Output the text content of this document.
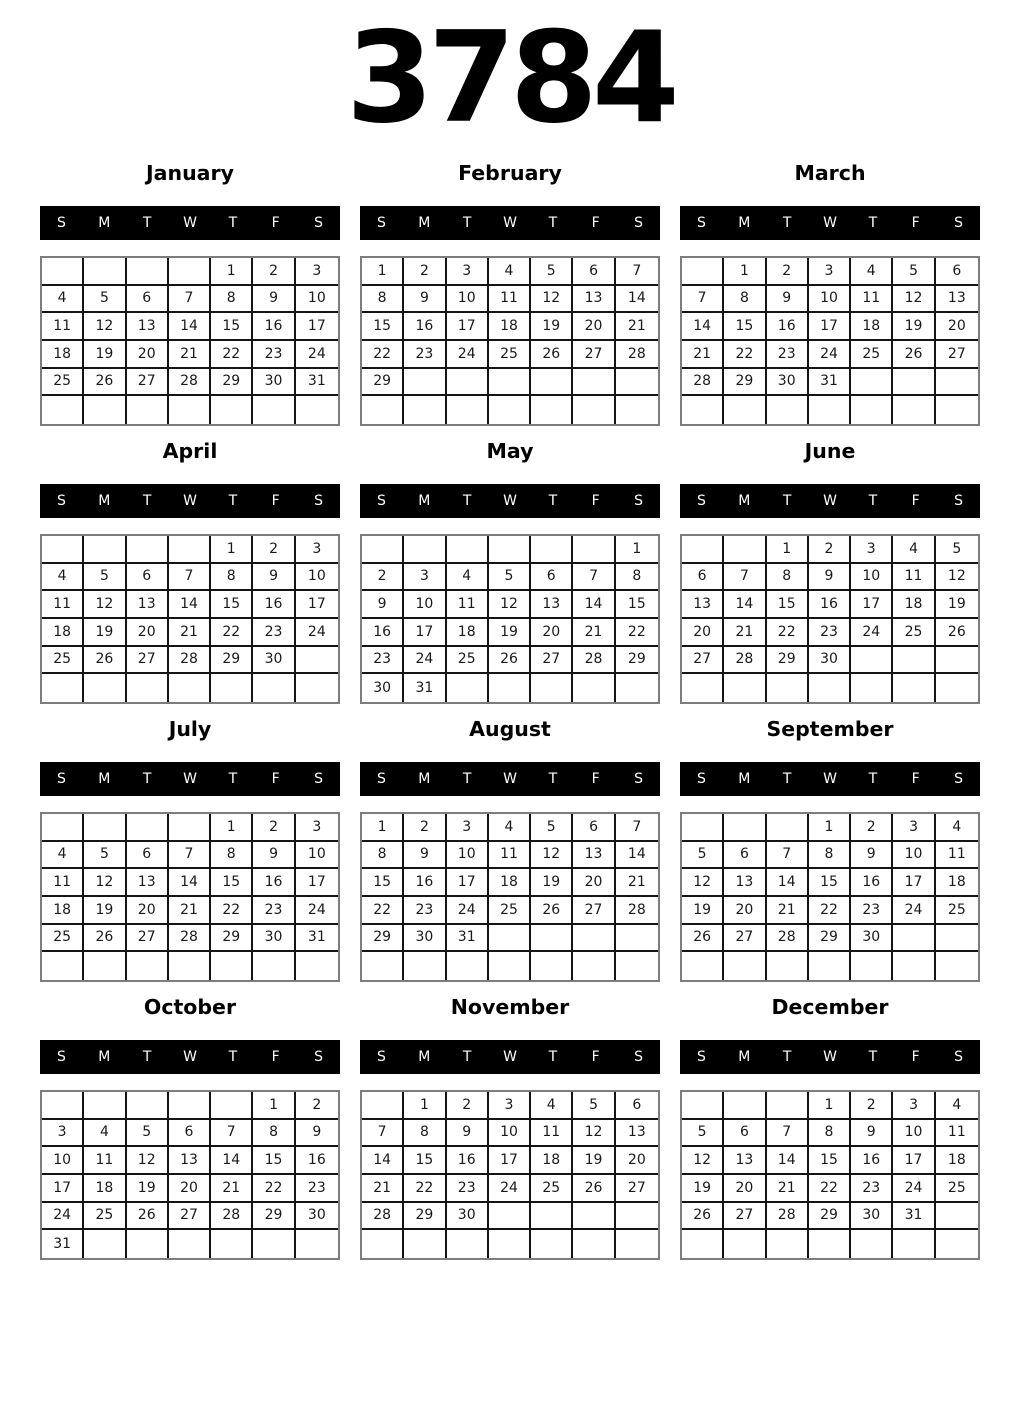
3784
January
S	M	T	W	T	F	S
				1	2	3
4	5	6	7	8	9	10
11	12	13	14	15	16	17
18	19	20	21	22	23	24
25	26	27	28	29	30	31

February
S	M	T	W	T	F	S
1	2	3	4	5	6	7
8	9	10	11	12	13	14
15	16	17	18	19	20	21
22	23	24	25	26	27	28
29						

March
S	M	T	W	T	F	S
	1	2	3	4	5	6
7	8	9	10	11	12	13
14	15	16	17	18	19	20
21	22	23	24	25	26	27
28	29	30	31			

April
S	M	T	W	T	F	S
				1	2	3
4	5	6	7	8	9	10
11	12	13	14	15	16	17
18	19	20	21	22	23	24
25	26	27	28	29	30	

May
S	M	T	W	T	F	S
						1
2	3	4	5	6	7	8
9	10	11	12	13	14	15
16	17	18	19	20	21	22
23	24	25	26	27	28	29
30	31					
June
S	M	T	W	T	F	S
		1	2	3	4	5
6	7	8	9	10	11	12
13	14	15	16	17	18	19
20	21	22	23	24	25	26
27	28	29	30			

July
S	M	T	W	T	F	S
				1	2	3
4	5	6	7	8	9	10
11	12	13	14	15	16	17
18	19	20	21	22	23	24
25	26	27	28	29	30	31

August
S	M	T	W	T	F	S
1	2	3	4	5	6	7
8	9	10	11	12	13	14
15	16	17	18	19	20	21
22	23	24	25	26	27	28
29	30	31				

September
S	M	T	W	T	F	S
			1	2	3	4
5	6	7	8	9	10	11
12	13	14	15	16	17	18
19	20	21	22	23	24	25
26	27	28	29	30		

October
S	M	T	W	T	F	S
					1	2
3	4	5	6	7	8	9
10	11	12	13	14	15	16
17	18	19	20	21	22	23
24	25	26	27	28	29	30
31						
November
S	M	T	W	T	F	S
	1	2	3	4	5	6
7	8	9	10	11	12	13
14	15	16	17	18	19	20
21	22	23	24	25	26	27
28	29	30				

December
S	M	T	W	T	F	S
			1	2	3	4
5	6	7	8	9	10	11
12	13	14	15	16	17	18
19	20	21	22	23	24	25
26	27	28	29	30	31	
